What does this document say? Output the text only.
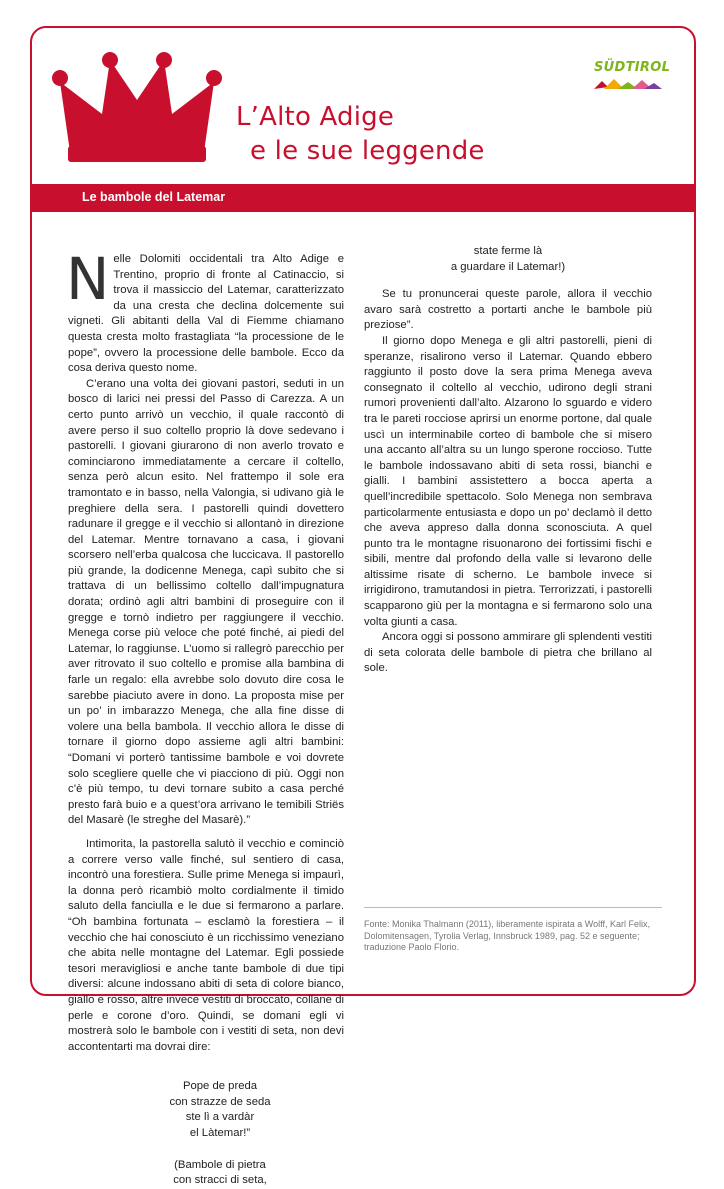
L’Alto Adige
e le sue leggende
SÜDTIROL
Le bambole del Latemar

Nelle Dolomiti occidentali tra Alto Adige e Trentino, proprio di fronte al Catinaccio, si trova il massiccio del Latemar, caratterizzato da una cresta che declina dolcemente sui vigneti. Gli abitanti della Val di Fiemme chiamano questa cresta molto frastagliata “la processione de le pope”, ovvero la processione delle bambole. Ecco da cosa deriva questo nome.

C’erano una volta dei giovani pastori, seduti in un bosco di larici nei pressi del Passo di Carezza. A un certo punto arrivò un vecchio, il quale raccontò di avere perso il suo coltello proprio là dove sedevano i pastorelli. I giovani giurarono di non averlo trovato e cominciarono immediatamente a cercare il coltello, senza però alcun esito. Nel frattempo il sole era tramontato e in basso, nella Valongia, si udivano già le preghiere della sera. I pastorelli quindi dovettero radunare il gregge e il vecchio si allontanò in direzione del Latemar. Mentre tornavano a casa, i giovani scorsero nell’erba qualcosa che luccicava. Il pastorello più grande, la dodicenne Menega, capì subito che si trattava di un bellissimo coltello dall’impugnatura dorata; ordinò agli altri bambini di proseguire con il gregge e tornò indietro per raggiungere il vecchio. Menega corse più veloce che poté finché, ai piedi del Latemar, lo raggiunse. L’uomo si rallegrò parecchio per aver ritrovato il suo coltello e promise alla bambina di farle un regalo: ella avrebbe solo dovuto dire cosa le sarebbe piaciuto avere in dono. La proposta mise per un po’ in imbarazzo Menega, che alla fine disse di volere una bella bambola. Il vecchio allora le disse di tornare il giorno dopo assieme agli altri bambini: “Domani vi porterò tantissime bambole e voi dovrete solo scegliere quelle che vi piacciono di più. Oggi non c’è più tempo, tu devi tornare subito a casa perché presto farà buio e a quest’ora arrivano le temibili Striës del Masarè (le streghe del Masarè).”

Intimorita, la pastorella salutò il vecchio e cominciò a correre verso valle finché, sul sentiero di casa, incontrò una forestiera. Sulle prime Menega si impaurì, la donna però ricambiò molto cordialmente il timido saluto della fanciulla e le due si fermarono a parlare. “Oh bambina fortunata – esclamò la forestiera – il vecchio che hai conosciuto è un ricchissimo veneziano che abita nelle montagne del Latemar. Egli possiede tesori meravigliosi e anche tante bambole di due tipi diversi: alcune indossano abiti di seta di colore bianco, giallo e rosso, altre invece vestiti di broccato, collane di perle e corone d’oro. Quindi, se domani egli vi mostrerà solo le bambole con i vestiti di seta, non devi accontentarti ma dovrai dire:

Pope de preda
con strazze de seda
ste lì a vardàr
el Làtemar!”
(Bambole di pietra
con stracci di seta,
state ferme là
a guardare il Latemar!)

Se tu pronuncerai queste parole, allora il vecchio avaro sarà costretto a portarti anche le bambole più preziose”.

Il giorno dopo Menega e gli altri pastorelli, pieni di speranze, risalirono verso il Latemar. Quando ebbero raggiunto il posto dove la sera prima Menega aveva consegnato il coltello al vecchio, udirono degli strani rumori provenienti dall’alto. Alzarono lo sguardo e videro tra le pareti rocciose aprirsi un enorme portone, dal quale uscì un interminabile corteo di bambole che si misero una accanto all’altra su un lungo sperone roccioso. Tutte le bambole indossavano abiti di seta rossi, bianchi e gialli. I bambini assistettero a bocca aperta a quell’incredibile spettacolo. Solo Menega non sembrava particolarmente entusiasta e dopo un po’ declamò il detto che aveva appreso dalla donna sconosciuta. A quel punto tra le montagne risuonarono dei fortissimi fischi e sibili, mentre dal profondo della valle si levarono delle altissime risate di scherno. Le bambole invece si irrigidirono, tramutandosi in pietra. Terrorizzati, i pastorelli scapparono giù per la montagna e si fermarono solo una volta giunti a casa.

Ancora oggi si possono ammirare gli splendenti vestiti di seta colorata delle bambole di pietra che brillano al sole.

Fonte: Monika Thalmann (2011), liberamente ispirata a Wolff, Karl Felix, Dolomitensagen, Tyrolia Verlag, Innsbruck 1989, pag. 52 e seguente; traduzione Paolo Florio.
